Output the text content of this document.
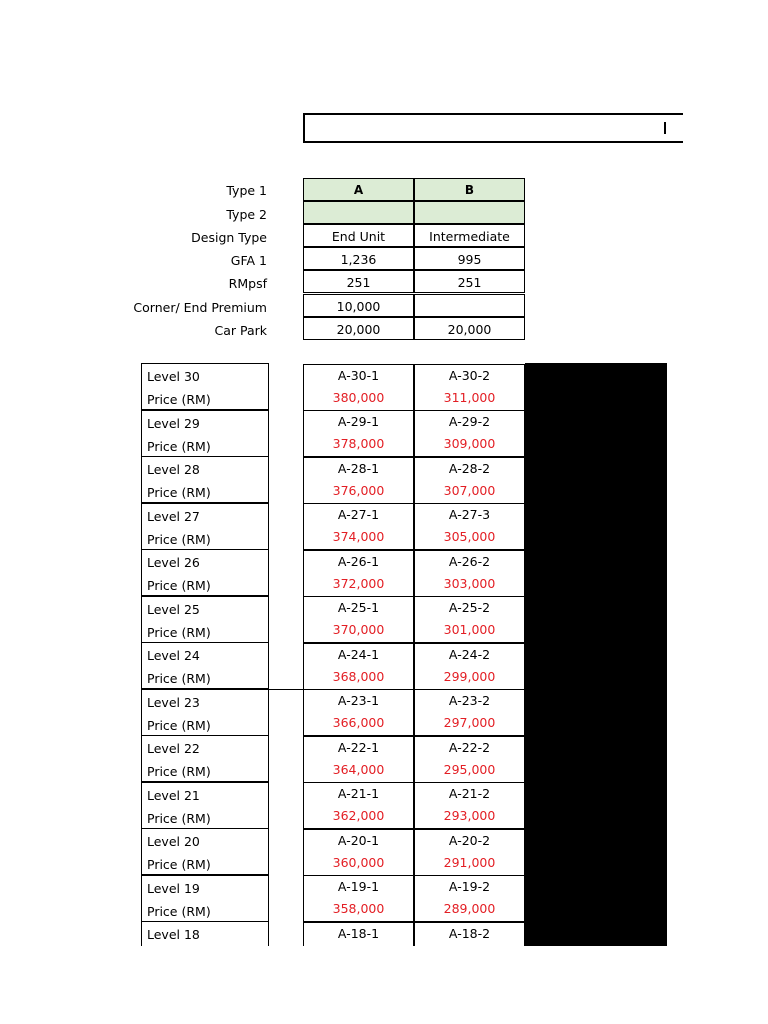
Type 1
Type 2
Design Type
GFA 1
RMpsf
Corner/ End Premium
Car Park
A
End Unit
1,236
251
10,000
20,000
B
Intermediate
995
251
20,000
Level 30
Price (RM)
Level 29
Price (RM)
Level 28
Price (RM)
Level 27
Price (RM)
Level 26
Price (RM)
Level 25
Price (RM)
Level 24
Price (RM)
Level 23
Price (RM)
Level 22
Price (RM)
Level 21
Price (RM)
Level 20
Price (RM)
Level 19
Price (RM)
Level 18
A-30-1
380,000
A-29-1
378,000
A-28-1
376,000
A-27-1
374,000
A-26-1
372,000
A-25-1
370,000
A-24-1
368,000
A-23-1
366,000
A-22-1
364,000
A-21-1
362,000
A-20-1
360,000
A-19-1
358,000
A-18-1
A-30-2
311,000
A-29-2
309,000
A-28-2
307,000
A-27-3
305,000
A-26-2
303,000
A-25-2
301,000
A-24-2
299,000
A-23-2
297,000
A-22-2
295,000
A-21-2
293,000
A-20-2
291,000
A-19-2
289,000
A-18-2
